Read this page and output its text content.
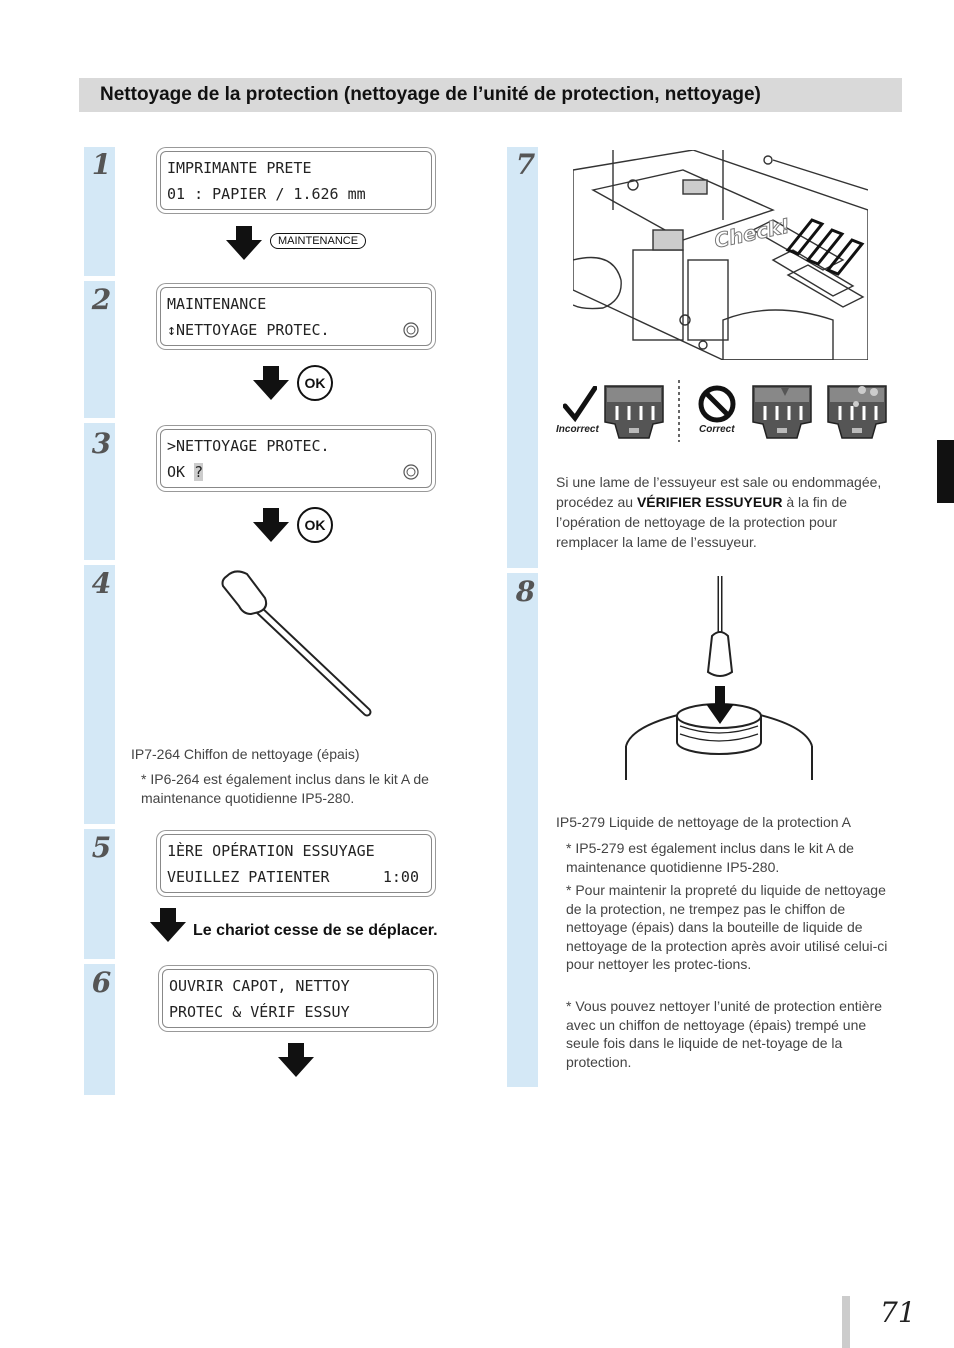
Nettoyage de la protection (nettoyage de l’unité de protection, nettoyage)
1
2
3
4
5
6
7
8
IMPRIMANTE PRETE
01 : PAPIER / 1.626 mm
MAINTENANCE
MAINTENANCE
↕NETTOYAGE PROTEC.
OK
>NETTOYAGE PROTEC.
OK ?
OK
IP7-264 Chiffon de nettoyage (épais)
* IP6-264 est également inclus dans le kit A de maintenance quotidienne IP5-280.
1ÈRE OPÉRATION ESSUYAGE
VEUILLEZ PATIENTER	1:00
Le chariot cesse de se déplacer.
OUVRIR CAPOT, NETTOY
PROTEC & VÉRIF ESSUY
Check!
Incorrect	Correct
Si une lame de l’essuyeur est sale ou endommagée, procédez au VÉRIFIER ESSUYEUR à la fin de l’opération de nettoyage de la protection pour remplacer la lame de l’essuyeur.
IP5-279 Liquide de nettoyage de la protection A
* IP5-279 est également inclus dans le kit A de maintenance quotidienne IP5-280.
* Pour maintenir la propreté du liquide de nettoyage de la protection, ne trempez pas le chiffon de nettoyage (épais) dans la bouteille de liquide de nettoyage de la protection après avoir utilisé celui-ci pour nettoyer les protec-tions.
* Vous pouvez nettoyer l’unité de protection entière avec un chiffon de nettoyage (épais) trempé une seule fois dans le liquide de net-toyage de la protection.
71
